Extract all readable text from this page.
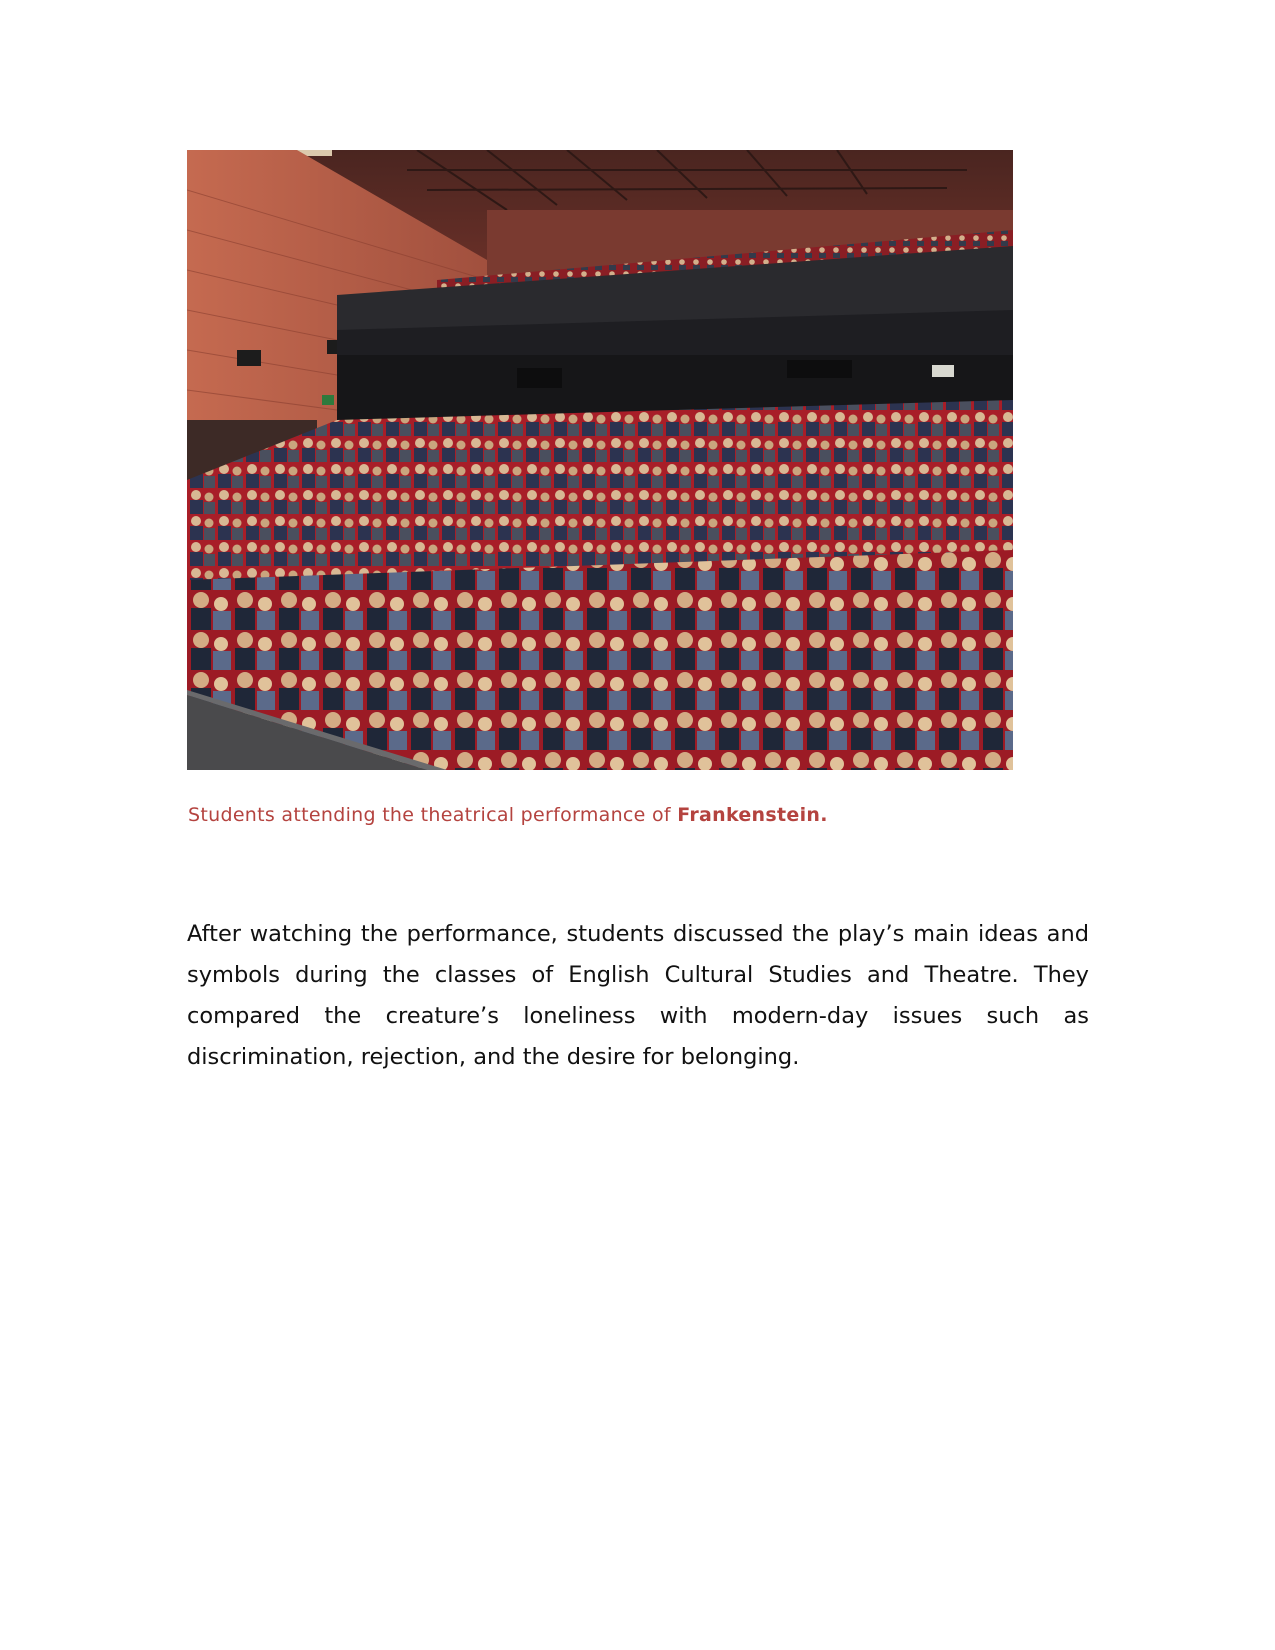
Students attending the theatrical performance of Frankenstein.
After watching the performance, students discussed the play’s main ideas and symbols during the classes of English Cultural Studies and Theatre. They compared the creature’s loneliness with modern-day issues such as discrimination, rejection, and the desire for belonging.
